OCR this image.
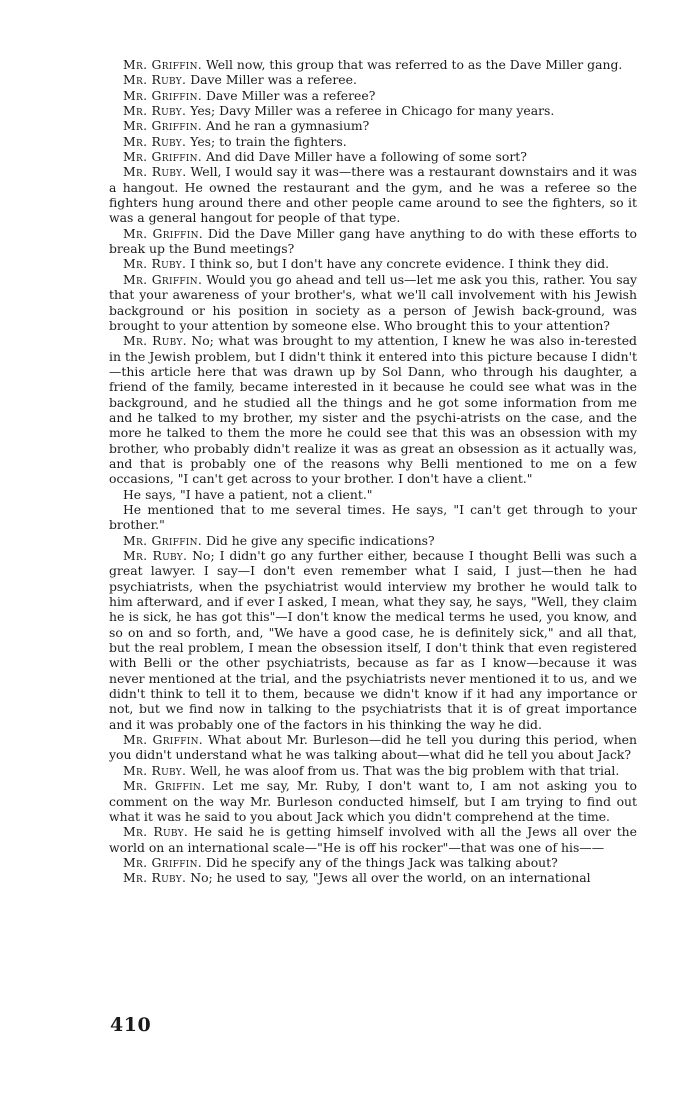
Mr. Griffin. Well now, this group that was referred to as the Dave Miller gang.

Mr. Ruby. Dave Miller was a referee.

Mr. Griffin. Dave Miller was a referee?

Mr. Ruby. Yes; Davy Miller was a referee in Chicago for many years.

Mr. Griffin. And he ran a gymnasium?

Mr. Ruby. Yes; to train the fighters.

Mr. Griffin. And did Dave Miller have a following of some sort?

Mr. Ruby. Well, I would say it was—there was a restaurant downstairs and it was a hangout. He owned the restaurant and the gym, and he was a referee so the fighters hung around there and other people came around to see the fighters, so it was a general hangout for people of that type.

Mr. Griffin. Did the Dave Miller gang have anything to do with these efforts to break up the Bund meetings?

Mr. Ruby. I think so, but I don't have any concrete evidence. I think they did.

Mr. Griffin. Would you go ahead and tell us—let me ask you this, rather. You say that your awareness of your brother's, what we'll call involvement with his Jewish background or his position in society as a person of Jewish back-ground, was brought to your attention by someone else. Who brought this to your attention?

Mr. Ruby. No; what was brought to my attention, I knew he was also in-terested in the Jewish problem, but I didn't think it entered into this picture because I didn't—this article here that was drawn up by Sol Dann, who through his daughter, a friend of the family, became interested in it because he could see what was in the background, and he studied all the things and he got some information from me and he talked to my brother, my sister and the psychi-atrists on the case, and the more he talked to them the more he could see that this was an obsession with my brother, who probably didn't realize it was as great an obsession as it actually was, and that is probably one of the reasons why Belli mentioned to me on a few occasions, "I can't get across to your brother. I don't have a client."

He says, "I have a patient, not a client."

He mentioned that to me several times. He says, "I can't get through to your brother."

Mr. Griffin. Did he give any specific indications?

Mr. Ruby. No; I didn't go any further either, because I thought Belli was such a great lawyer. I say—I don't even remember what I said, I just—then he had psychiatrists, when the psychiatrist would interview my brother he would talk to him afterward, and if ever I asked, I mean, what they say, he says, "Well, they claim he is sick, he has got this"—I don't know the medical terms he used, you know, and so on and so forth, and, "We have a good case, he is definitely sick," and all that, but the real problem, I mean the obsession itself, I don't think that even registered with Belli or the other psychiatrists, because as far as I know—because it was never mentioned at the trial, and the psychiatrists never mentioned it to us, and we didn't think to tell it to them, because we didn't know if it had any importance or not, but we find now in talking to the psychiatrists that it is of great importance and it was probably one of the factors in his thinking the way he did.

Mr. Griffin. What about Mr. Burleson—did he tell you during this period, when you didn't understand what he was talking about—what did he tell you about Jack?

Mr. Ruby. Well, he was aloof from us. That was the big problem with that trial.

Mr. Griffin. Let me say, Mr. Ruby, I don't want to, I am not asking you to comment on the way Mr. Burleson conducted himself, but I am trying to find out what it was he said to you about Jack which you didn't comprehend at the time.

Mr. Ruby. He said he is getting himself involved with all the Jews all over the world on an international scale—"He is off his rocker"—that was one of his——

Mr. Griffin. Did he specify any of the things Jack was talking about?

Mr. Ruby. No; he used to say, "Jews all over the world, on an international

410
